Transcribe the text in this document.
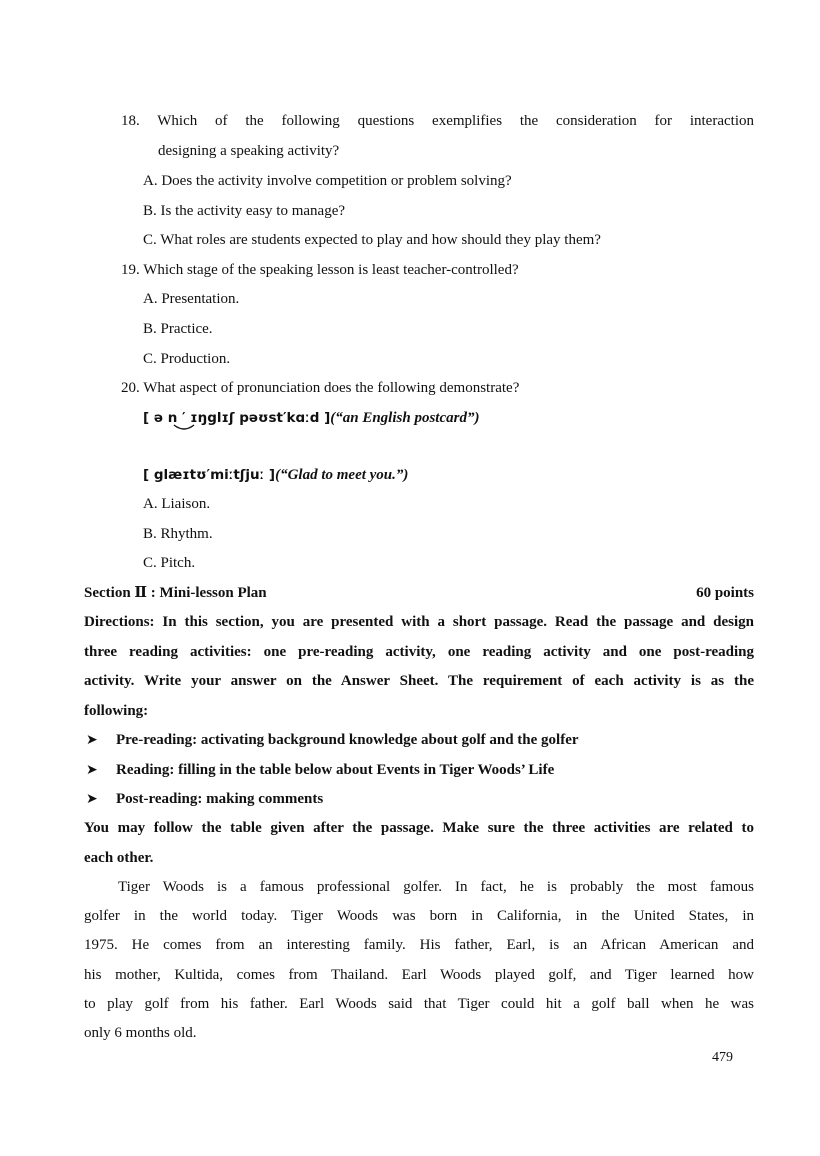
18. Which of the following questions exemplifies the consideration for interaction
designing a speaking activity?
A. Does the activity involve competition or problem solving?
B. Is the activity easy to manage?
C. What roles are students expected to play and how should they play them?
19. Which stage of the speaking lesson is least teacher-controlled?
A. Presentation.
B. Practice.
C. Production.
20. What aspect of pronunciation does the following demonstrate?
[ ə n ′ ɪŋglɪʃ pəʊst′kɑːd ](“an English postcard”)
[ glæɪtʊ′miːtʃjuː ](“Glad to meet you.”)
A. Liaison.
B. Rhythm.
C. Pitch.
Section Ⅱ : Mini-lesson Plan	60 points
Directions: In this section, you are presented with a short passage. Read the passage and design
three reading activities: one pre-reading activity, one reading activity and one post-reading
activity. Write your answer on the Answer Sheet. The requirement of each activity is as the
following:
➤ Pre-reading: activating background knowledge about golf and the golfer
➤ Reading: filling in the table below about Events in Tiger Woods’ Life
➤ Post-reading: making comments
You may follow the table given after the passage. Make sure the three activities are related to
each other.
Tiger Woods is a famous professional golfer. In fact, he is probably the most famous
golfer in the world today. Tiger Woods was born in California, in the United States, in
1975. He comes from an interesting family. His father, Earl, is an African American and
his mother, Kultida, comes from Thailand. Earl Woods played golf, and Tiger learned how
to play golf from his father. Earl Woods said that Tiger could hit a golf ball when he was
only 6 months old.
479
